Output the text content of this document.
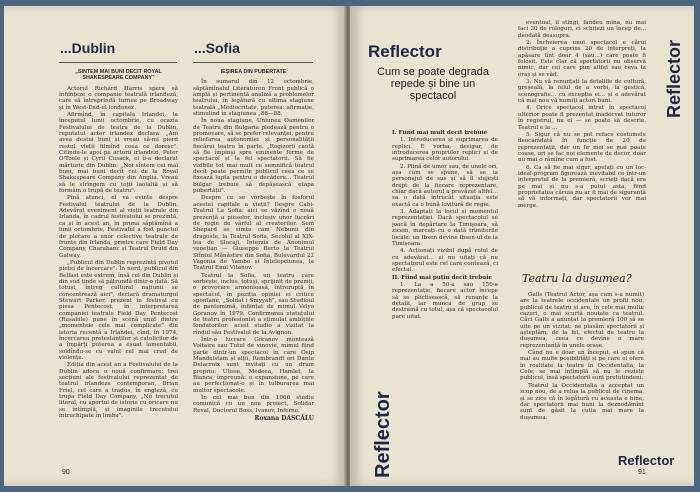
...Dublin	...Sofia
„SINTEM MAI BUNI DECIT ROYAL SHAKESPEARE COMPANY"

Actorul Richard Harris spera să înființeze o companie teatrală irlandeză, care să întreprindă turnee pe Broadway și în West-End-ul londonez.

Afirmînd, în capitala Irlandei, la începutul lunii octombrie, cu ocazia Festivalului de teatru de la Dublin, reputatul actor irlandez declara: „Am avea destui buni și vreau să-mi pierd restul vieții filmînd ceea ce doresc". Citindu-le apoi pe actorii irlandezi, Peter O'Toole și Cyril Cusack, el îi-a declarat mărturie din Dublin: „Noi sîntem cei mai buni, mai buni decît cei de la Royal Shakespeare Company din Anglia. Vreau să le strîngem cu toții laolaltă și să formăm o trupă de teatru".

Pînă atunci, el va evinte despre Festivalul teatrului de la Dublin. Adevărat eveniment al vieții teatrale din Irlanda, în cadrul festivalului se prezintă, ca și în acest an, în prima săptămînă a lunii octombrie, Festivalul a fost punctul de plecare a unor colective teatrale de frunte din Irlanda, printre care Field Day Company, Charabanc și Teatrul Druid din Galway.

„Publicul din Dublin reprezintă pivotul pieței de încercare". În nord, publicul din Belfast este extrem, însă cel din Dublin și din sud tinde să pătrundă dintr-o dată. Să totuși, întreg cultural națiunii se concentrează aici", declară dramaturgul Stewart Parker, prezent în festival cu piesa Pentecost, în interpretarea companiei teatrale Field Day. Pentecost (Rusaliile) pune în scenă unul dintre „momentele cele mai complicate" din istoria recentă a Irlandei, cînd, în 1974, încercarea protestanților și catolicilor de a împărți puterea a eșuat lamentabil, șoldîndu-se cu valul cel mai crud de violențe.

Ediția din acest an a Festivalului de la Dublin adoce o nouă confirmare: trei secțiuni ale festivalului reprezentat de teatrul irlandeze contemporan, Brian Friel, cel care a tradus, în engleză, cu trupa Field Day Company, „Nu trecutul literal, cu aportul de istorie cu oricare nu se întîmplă, și imaginile trecutului întruchipate în limba".

IEȘIREA DIN PUBERTATE

În sumarul din 12 octombrie, săptămînalul Literaturen Front publică o amplă și pertinentă analiză a problemelor teatrului, în legătură cu ultima stagiune teatrală „Mediocritate, puterea: afirmație, stimulind în stagiunea „86—88.

În noua stagiune, Uniunea Oamenilor de Teatru din Bulgaria pledează pentru o promovare, să se prefer relevanței, pentru reliefarea autonomiei și personalității fiecărui teatru în parte. „Regizorii caută să fie împinși spre eminente forme de spectacol și la fel spectatorii. Să fie vizibile tot mai mult ce semnifică teatrul decît poate permite publicul ceea ce se fixează lupta pentru o decădere... Teatrul bulgar trebuie să depășească etapa pubertății".

Despre ce se vorbește în fosforul acestei capitale a vieții? Despre Cabi-Teatrul La Sofia: aici se văzînd o nouă prezență a pieselor, inclusiv unor lucrări de regie de vârful al creatorilor. Sem Shepard se simte cam Nebunii din dragoste, la Teatrul Sofia, Secolul al XIX-lea de Șlucaji, Interzis de Anonimul venețian — Giuseppe Berto la Teatrul Sfîntul Mănăstire din Sofia, Bulevardul 22 Vagonia de Yambo și Înțelepciunea, la Teatrul Emil Vitanov.

Teatrul la Sofia, un teatru care sorbește, inclus, totuși, sprijinit de premii, o provocare armonioasă, întreruptă în spectacol, în poziția opiniei ei critice spontane, „Soldat i Smyyah", sau Studioul de pantomimă, înființat de mimul Velyo Goranov în 1979. Confirmarea statutului de teatru profesionist a stimulat ambițiile fondatorilor: acest studio a vizitat la rîndul său Festivalul de la Avignon.

Într-o lucrare Goranov montează Voltaire sau Tutul de vinovie, mimul fiind parte dintr-un spectacol în care Osip Mandelstam și alții, Rembrandt ori Dante Delacroix sunt invitați cu un drum propriu: Ulisse, Medeea, Hamlet, la Bianca, împreună: o expansiune, pe care au perfecționat-o și în tulburarea mai multor spectacole.

În cel mai bun din 1966 studiu comunică cu un nou proiect, Solidar Reval, Doctorul Boss, Ivanov, Inferno.

Roxana DASCĂLU
90
Reflector
Cum se poate degrada repede și bine un spectacol
Reflector
Reflector
Reflector

I. Fiind mai mult decît trebuie

1. Introducerea și suprimarea de replici. E vorba, desigur, de introducerea propriilor replici și de suprimarea celor autorului.

2. Plină de umor sau, de unele ori, așa cum se spune, să se ia personajul de sus și să îl slujești drept de la fiecare reprezentare, chiar dacă autorul a prevăzut altfel... sa o dată întrucât situația este exactă ca o bună lovitură de regie.

3. Adaptați la locul și momentul reprezentației. Dacă spectacolul se joacă în depărtare la Timișoara, să zicem, marcați cu o dată trimiterile locale: un Ibsen devine Ibsen-ul de la Timișoara.

4. Acționați vizibil după rolul de cu adevărat... și nu uitați că nu spectatorul este cel care contează, ci efectul.

II. Fiind mai puțin decît trebuie

1. La a 50-a sau 150-a reprezentație, fiecare actor începe să se plictisească, să renunțe la detalii, iar munca de grup se destramă cu totul, așa că spectacolul pare uitat.

eventual, îl stingi, fandeu mina, nu mai faci 30 de ruloguri, ci schițezi un încep de... deodată deasupra.

2. Încheierea unui spectacol e cărui distribuție a cuprins 20 de interpreți, la apăsare tînt doar 4 (sau...) care poate fi folosit. Este clar că spectatorii nu observă nimic, dar cei care pun altfel sau ceva la oraș și se văd.

3. Nu vă renunțați la detaliile de cultură, greșeală, la felul de a vorbi, la gestică, scenografie... cu excepția ei... și e adevărat că mai nou vă numiți actori buni.

4. Orice spectacol intrat în spectacol ulterior poate fi prezentat inadecvat tuturor în registrul, nu el — se poate să descrie. Teatrul e la ...

5. Sigur că nu se pot reface costumele deocamdată în funcție de 20 de reprezentații, dar un fir moi se mai poate coase, ori se fac noi elemente de decor, doar nu mai o rămîne cum a fost.

6. Ca să fie mai sigur, apelați cu un loc-ideal-program figurează inevitabil ce într-un interpretul de la premieră, scrieți dacă era pe mai și nu s-a putut asta, fiind proprietatea căruia nu ar fi mai de siguranță să vă informați, dar spectatorii vor mai merge.

Teatru la dușumea?

Galls (Teatrul Actor, așa cum s-a numit) are la teatrele occidentale un profil nou, publicul de teatru și are, în cele mai multe cazuri, o mai scurtă noutate ca teatrul. Căci Galls a anunțat la premieră 100 să se uite pe un vizitat: ne plasăm spectatorii și așteptăm, de la fel, efectul de teatru la dușumea, ceea ce devine o mare reprezentanță în unele orașe.

Când nu e doar un început, ei spun că mai au multe posibilități și pe care ei ofere în realitate la teatru în Occidentalia, la Cefe, se mai întîmplă să nu le reziste publicul, însă spectatorii sunt pretutindeni.

Teatrul la Occidentalia a acceptat un scop nou, de a relua la publicul de cinema, și se zice că în legătură cu aceasta e bine, dar spectatorii mai buni la deznodămînt sunt de găsit la cutia mai mare la dușumea.

91
